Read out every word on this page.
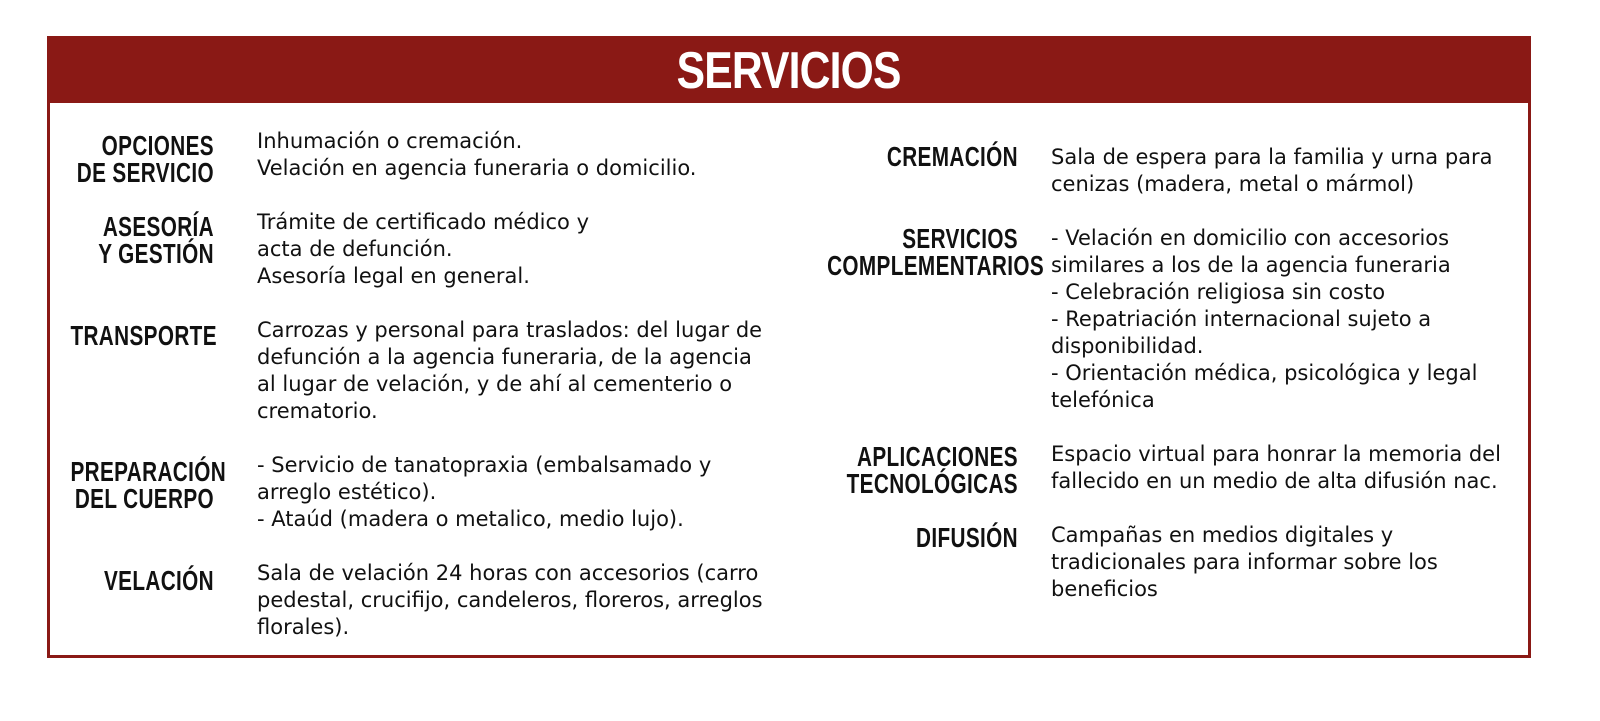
SERVICIOS
OPCIONES
DE SERVICIO
Inhumación o cremación.
Velación en agencia funeraria o domicilio.
ASESORÍA
Y GESTIÓN
Trámite de certificado médico y
acta de defunción.
Asesoría legal en general.
TRANSPORTE Carrozas y personal para traslados: del lugar de
defunción a la agencia funeraria, de la agencia
al lugar de velación, y de ahí al cementerio o
crematorio.
PREPARACIÓN
DEL CUERPO
- Servicio de tanatopraxia (embalsamado y
arreglo estético).
- Ataúd (madera o metalico, medio lujo).
VELACIÓN Sala de velación 24 horas con accesorios (carro
pedestal, crucifijo, candeleros, floreros, arreglos
florales).
CREMACIÓN Sala de espera para la familia y urna para
cenizas (madera, metal o mármol)
SERVICIOS
COMPLEMENTARIOS
- Velación en domicilio con accesorios
similares a los de la agencia funeraria
- Celebración religiosa sin costo
- Repatriación internacional sujeto a
disponibilidad.
- Orientación médica, psicológica y legal
telefónica
APLICACIONES
TECNOLÓGICAS
Espacio virtual para honrar la memoria del
fallecido en un medio de alta difusión nac.
DIFUSIÓN Campañas en medios digitales y
tradicionales para informar sobre los
beneficios
